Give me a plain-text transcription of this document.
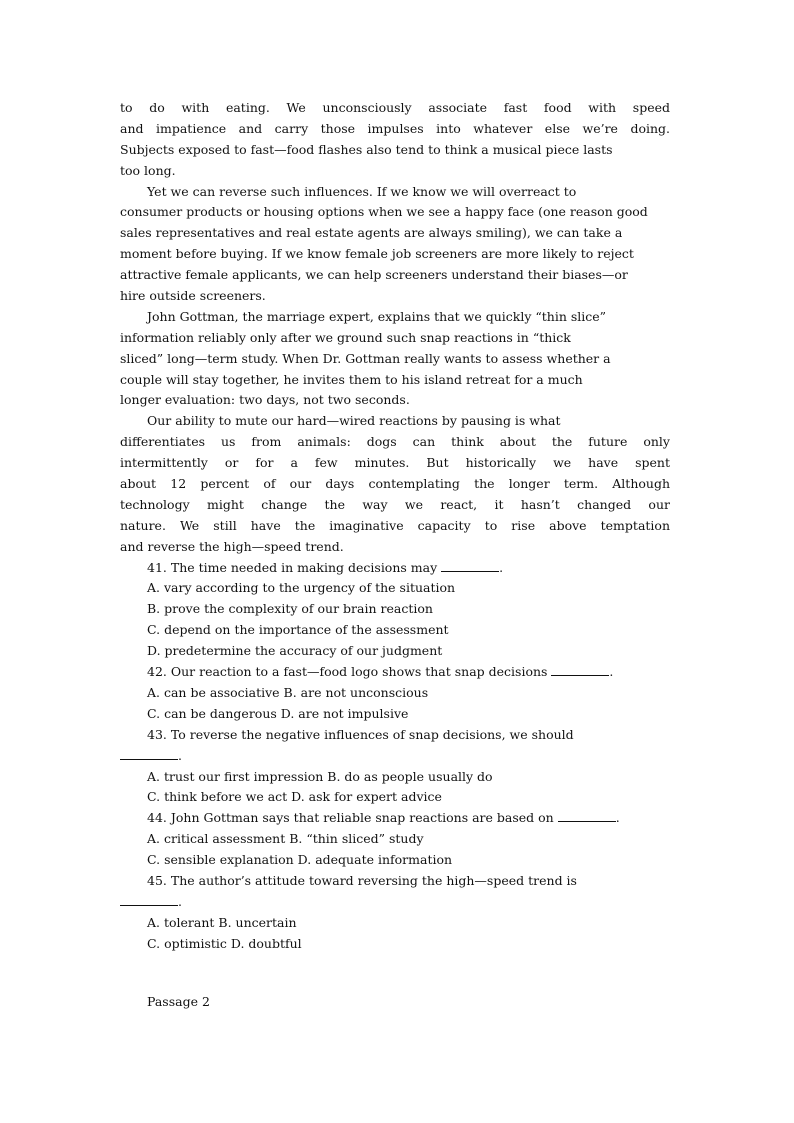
to do with eating. We unconsciously associate fast food with speed
and impatience and carry those impulses into whatever else we’re doing.
Subjects exposed to fast—food flashes also tend to think a musical piece lasts
too long.
Yet we can reverse such influences. If we know we will overreact to
consumer products or housing options when we see a happy face (one reason good
sales representatives and real estate agents are always smiling), we can take a
moment before buying. If we know female job screeners are more likely to reject
attractive female applicants, we can help screeners understand their biases—or
hire outside screeners.
John Gottman, the marriage expert, explains that we quickly “thin slice”
information reliably only after we ground such snap reactions in “thick
sliced” long—term study. When Dr. Gottman really wants to assess whether a
couple will stay together, he invites them to his island retreat for a much
longer evaluation: two days, not two seconds.
Our ability to mute our hard—wired reactions by pausing is what
differentiates us from animals: dogs can think about the future only
intermittently or for a few minutes. But historically we have spent
about 12 percent of our days contemplating the longer term. Although
technology might change the way we react, it hasn’t changed our
nature. We still have the imaginative capacity to rise above temptation
and reverse the high—speed trend.
41. The time needed in making decisions may	.
A. vary according to the urgency of the situation
B. prove the complexity of our brain reaction
C. depend on the importance of the assessment
D. predetermine the accuracy of our judgment
42. Our reaction to a fast—food logo shows that snap decisions	.
A. can be associative B. are not unconscious
C. can be dangerous D. are not impulsive
43. To reverse the negative influences of snap decisions, we should
.
A. trust our first impression B. do as people usually do
C. think before we act D. ask for expert advice
44. John Gottman says that reliable snap reactions are based on	.
A. critical assessment B. “thin sliced” study
C. sensible explanation D. adequate information
45. The author’s attitude toward reversing the high—speed trend is
.
A. tolerant B. uncertain
C. optimistic D. doubtful
Passage 2
